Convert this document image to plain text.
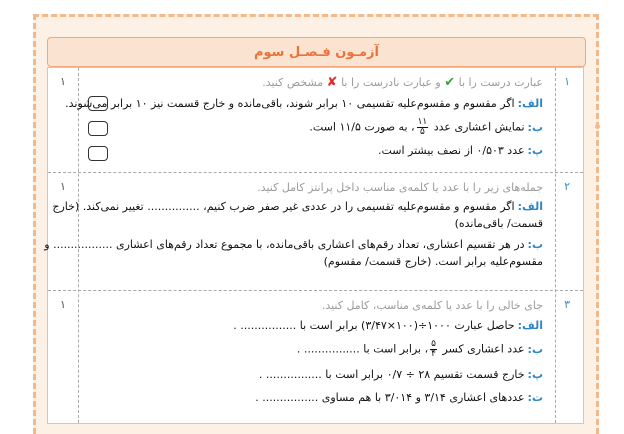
آزمـون فـصـل سوم
۱
۱	عبارت درست را با ✔ و عبارت نادرست را با ✘ مشخص کنید.
الف:اگر مقسوم و مقسوم‌علیه تقسیمی ۱۰ برابر شوند، باقی‌مانده و خارج قسمت نیز ۱۰ برابر می‌شوند.
ب:نمایش اعشاری عدد
$\frac{۱۱}{۵}$
، به صورت ۱۱/۵ است.
پ:عدد ۰/۵۰۳ از نصف بیشتر است.
۲
۱	جمله‌های زیر را با عدد یا کلمه‌ی مناسب داخل پرانتز کامل کنید.
الف:اگر مقسوم و مقسوم‌علیه تقسیمی را در عددی غیر صفر ضرب کنیم، ............... تغییر نمی‌کند. (خارج
قسمت/ باقی‌مانده)
ب:در هر تقسیم اعشاری، تعداد رقم‌های اعشاری باقی‌مانده، با مجموع تعداد رقم‌های اعشاری ................. و
مقسوم‌علیه برابر است. (خارج قسمت/ مقسوم)
۳
۱	جای خالی را با عدد یا کلمه‌ی مناسب، کامل کنید.
الف:حاصل عبارت ۱۰۰۰÷(۱۰۰×۳/۴۷) برابر است با ................ .
ب:عدد اعشاری کسر
$\frac{۵}{۴}$
، برابر است با ................ .
پ:خارج قسمت تقسیم ۲۸ ÷ ۰/۷ برابر است با ................ .
ت:عددهای اعشاری ۳/۱۴ و ۳/۰۱۴ با هم مساوی ................ .
